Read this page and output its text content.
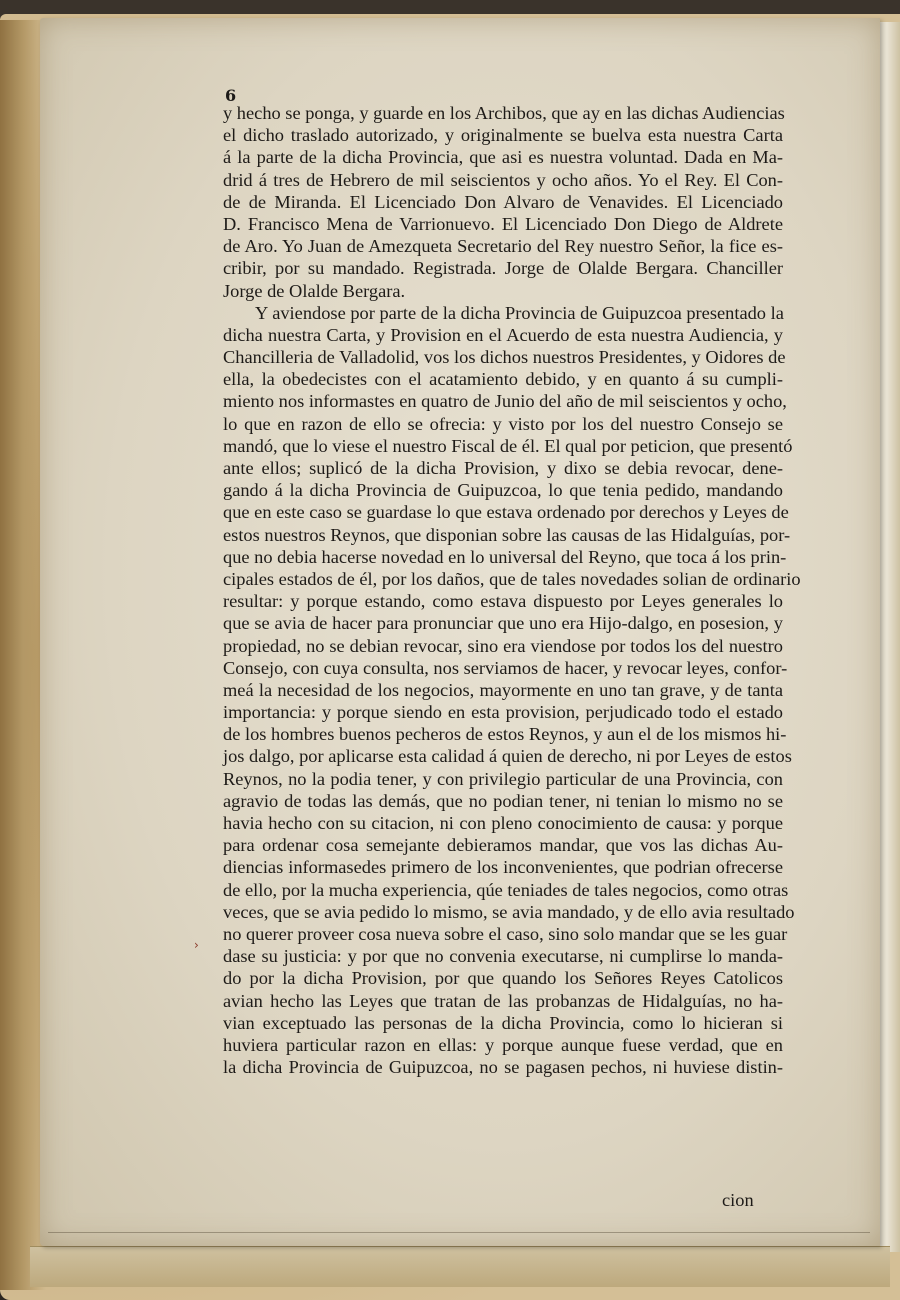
6
›
y hecho se ponga, y guarde en los Archibos, que ay en las dichas Audiencias
el dicho traslado autorizado, y originalmente se buelva esta nuestra Carta
á la parte de la dicha Provincia, que asi es nuestra voluntad. Dada en Ma-
drid á tres de Hebrero de mil seiscientos y ocho años. Yo el Rey. El Con-
de de Miranda. El Licenciado Don Alvaro de Venavides. El Licenciado
D. Francisco Mena de Varrionuevo. El Licenciado Don Diego de Aldrete
de Aro. Yo Juan de Amezqueta Secretario del Rey nuestro Señor, la fice es-
cribir, por su mandado. Registrada. Jorge de Olalde Bergara. Chanciller
Jorge de Olalde Bergara.
Y aviendose por parte de la dicha Provincia de Guipuzcoa presentado la
dicha nuestra Carta, y Provision en el Acuerdo de esta nuestra Audiencia, y
Chancilleria de Valladolid, vos los dichos nuestros Presidentes, y Oidores de
ella, la obedecistes con el acatamiento debido, y en quanto á su cumpli-
miento nos informastes en quatro de Junio del año de mil seiscientos y ocho,
lo que en razon de ello se ofrecia: y visto por los del nuestro Consejo se
mandó, que lo viese el nuestro Fiscal de él. El qual por peticion, que presentó
ante ellos; suplicó de la dicha Provision, y dixo se debia revocar, dene-
gando á la dicha Provincia de Guipuzcoa, lo que tenia pedido, mandando
que en este caso se guardase lo que estava ordenado por derechos y Leyes de
estos nuestros Reynos, que disponian sobre las causas de las Hidalguías, por-
que no debia hacerse novedad en lo universal del Reyno, que toca á los prin-
cipales estados de él, por los daños, que de tales novedades solian de ordinario
resultar: y porque estando, como estava dispuesto por Leyes generales lo
que se avia de hacer para pronunciar que uno era Hijo-dalgo, en posesion, y
propiedad, no se debian revocar, sino era viendose por todos los del nuestro
Consejo, con cuya consulta, nos serviamos de hacer, y revocar leyes, confor-
meá la necesidad de los negocios, mayormente en uno tan grave, y de tanta
importancia: y porque siendo en esta provision, perjudicado todo el estado
de los hombres buenos pecheros de estos Reynos, y aun el de los mismos hi-
jos dalgo, por aplicarse esta calidad á quien de derecho, ni por Leyes de estos
Reynos, no la podia tener, y con privilegio particular de una Provincia, con
agravio de todas las demás, que no podian tener, ni tenian lo mismo no se
havia hecho con su citacion, ni con pleno conocimiento de causa: y porque
para ordenar cosa semejante debieramos mandar, que vos las dichas Au-
diencias informasedes primero de los inconvenientes, que podrian ofrecerse
de ello, por la mucha experiencia, qúe teniades de tales negocios, como otras
veces, que se avia pedido lo mismo, se avia mandado, y de ello avia resultado
no querer proveer cosa nueva sobre el caso, sino solo mandar que se les guar
dase su justicia: y por que no convenia executarse, ni cumplirse lo manda-
do por la dicha Provision, por que quando los Señores Reyes Catolicos
avian hecho las Leyes que tratan de las probanzas de Hidalguías, no ha-
vian exceptuado las personas de la dicha Provincia, como lo hicieran si
huviera particular razon en ellas: y porque aunque fuese verdad, que en
la dicha Provincia de Guipuzcoa, no se pagasen pechos, ni huviese distin-
cion
